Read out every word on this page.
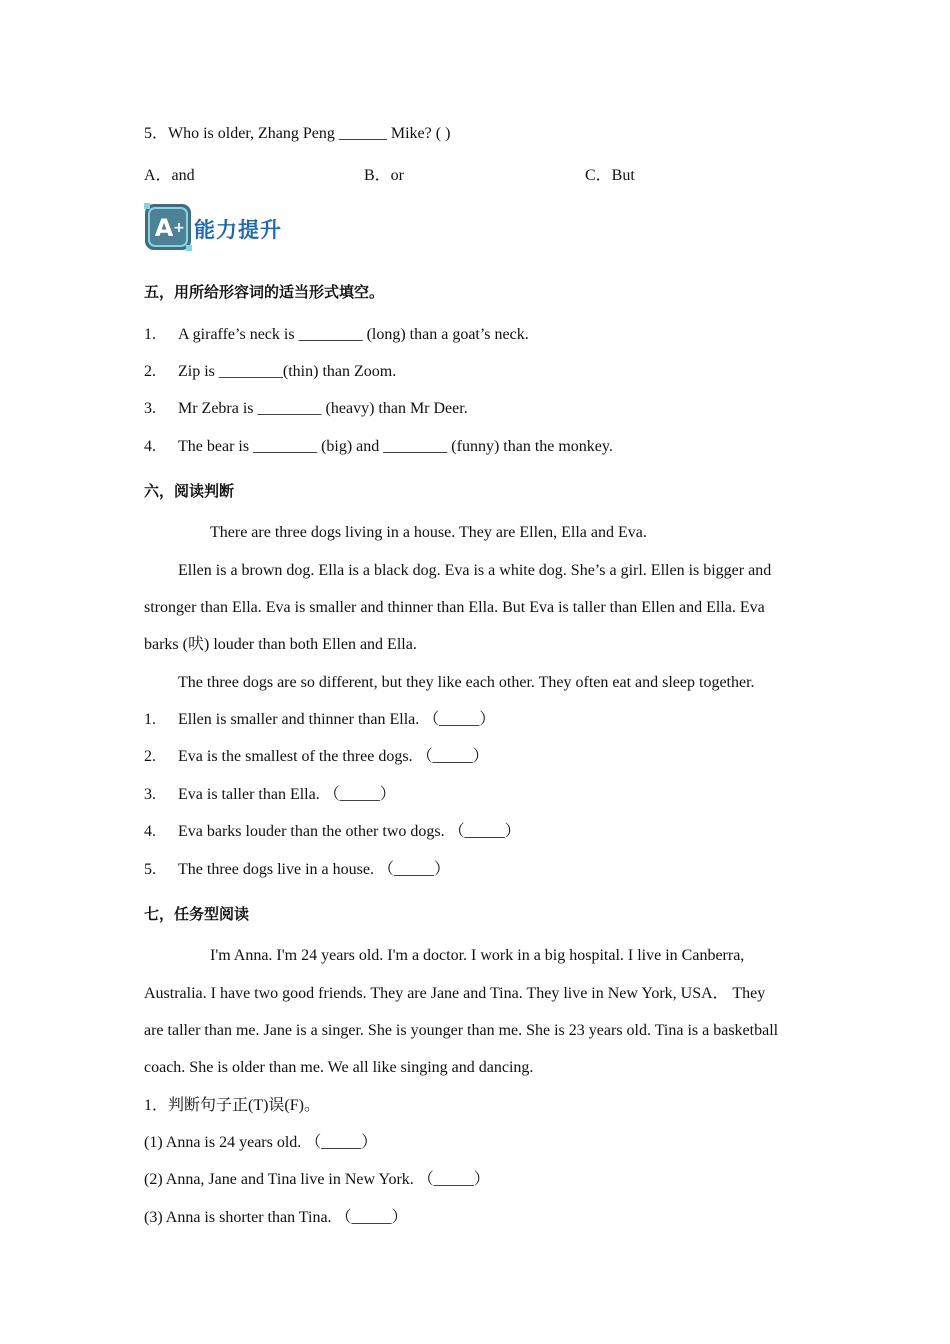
5．Who is older, Zhang Peng ______ Mike? ( )
A．and	B．or	C．But
A + 能力提升
五，用所给形容词的适当形式填空。
1. A giraffe’s neck is ________ (long) than a goat’s neck.
2. Zip is ________(thin) than Zoom.
3. Mr Zebra is ________ (heavy) than Mr Deer.
4. The bear is ________ (big) and ________ (funny) than the monkey.
六，阅读判断
There are three dogs living in a house. They are Ellen, Ella and Eva.
Ellen is a brown dog. Ella is a black dog. Eva is a white dog. She’s a girl. Ellen is bigger and
stronger than Ella. Eva is smaller and thinner than Ella. But Eva is taller than Ellen and Ella. Eva
barks (吠) louder than both Ellen and Ella.
The three dogs are so different, but they like each other. They often eat and sleep together.
1. Ellen is smaller and thinner than Ella. （_____）
2. Eva is the smallest of the three dogs. （_____）
3. Eva is taller than Ella. （_____）
4. Eva barks louder than the other two dogs. （_____）
5. The three dogs live in a house. （_____）
七，任务型阅读
I'm Anna. I'm 24 years old. I'm a doctor. I work in a big hospital. I live in Canberra,
Australia. I have two good friends. They are Jane and Tina. They live in New York, USA． They
are taller than me. Jane is a singer. She is younger than me. She is 23 years old. Tina is a basketball
coach. She is older than me. We all like singing and dancing.
1．判断句子正(T)误(F)。
(1) Anna is 24 years old. （_____）
(2) Anna, Jane and Tina live in New York. （_____）
(3) Anna is shorter than Tina. （_____）
